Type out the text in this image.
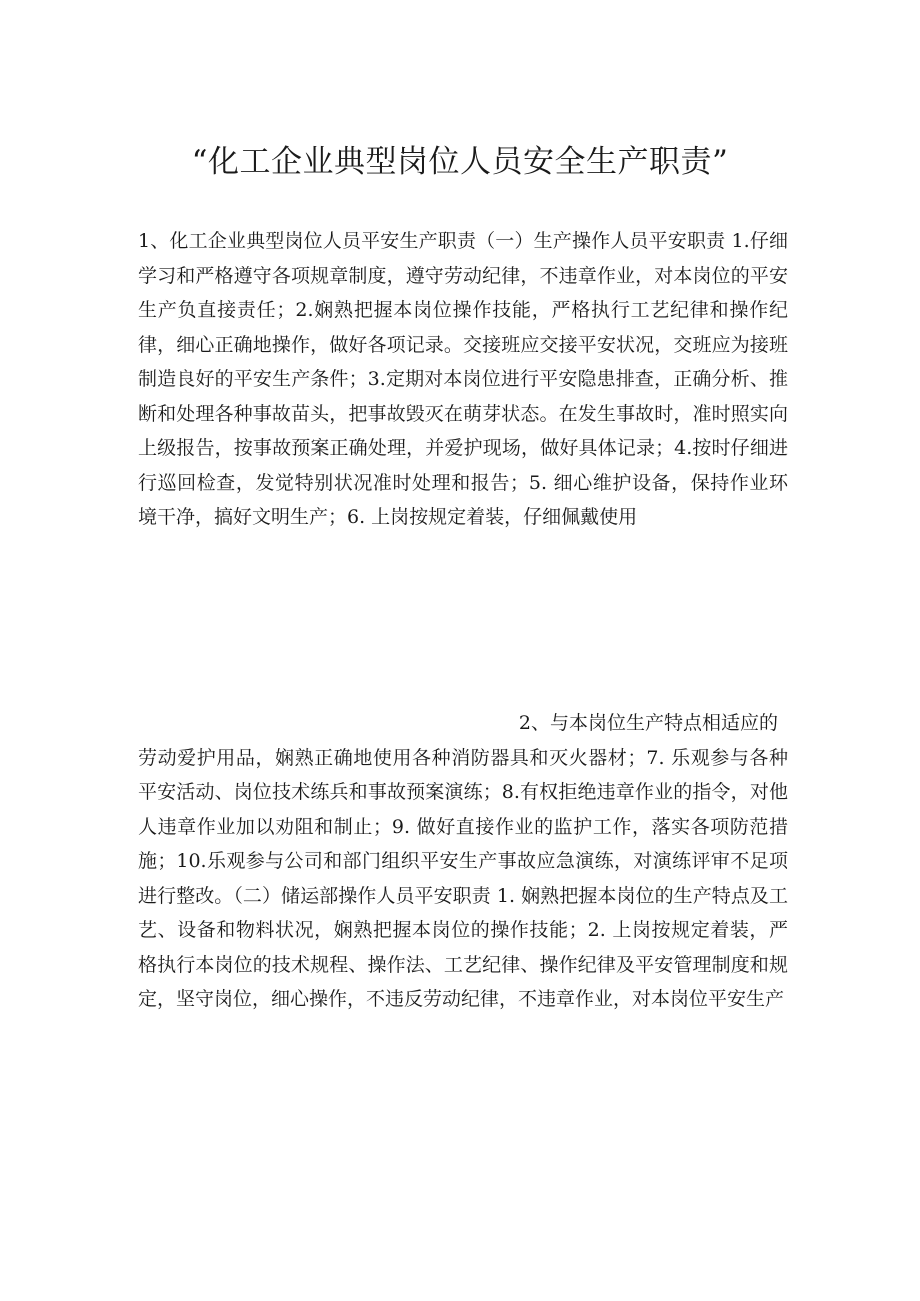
“化工企业典型岗位人员安全生产职责”
1、化工企业典型岗位人员平安生产职责（一）生产操作人员平安职责 1.仔细学习和严格遵守各项规章制度，遵守劳动纪律，不违章作业，对本岗位的平安生产负直接责任；2.娴熟把握本岗位操作技能，严格执行工艺纪律和操作纪律，细心正确地操作，做好各项记录。交接班应交接平安状况，交班应为接班制造良好的平安生产条件；3.定期对本岗位进行平安隐患排查，正确分析、推断和处理各种事故苗头，把事故毁灭在萌芽状态。在发生事故时，准时照实向上级报告，按事故预案正确处理，并爱护现场，做好具体记录；4.按时仔细进行巡回检查，发觉特别状况准时处理和报告；5. 细心维护设备，保持作业环境干净，搞好文明生产；6. 上岗按规定着装，仔细佩戴使用
2、与本岗位生产特点相适应的
劳动爱护用品，娴熟正确地使用各种消防器具和灭火器材；7. 乐观参与各种平安活动、岗位技术练兵和事故预案演练；8.有权拒绝违章作业的指令，对他人违章作业加以劝阻和制止；9. 做好直接作业的监护工作，落实各项防范措施；10.乐观参与公司和部门组织平安生产事故应急演练，对演练评审不足项进行整改。（二）储运部操作人员平安职责 1. 娴熟把握本岗位的生产特点及工艺、设备和物料状况，娴熟把握本岗位的操作技能；2. 上岗按规定着装，严格执行本岗位的技术规程、操作法、工艺纪律、操作纪律及平安管理制度和规定，坚守岗位，细心操作，不违反劳动纪律，不违章作业，对本岗位平安生产
